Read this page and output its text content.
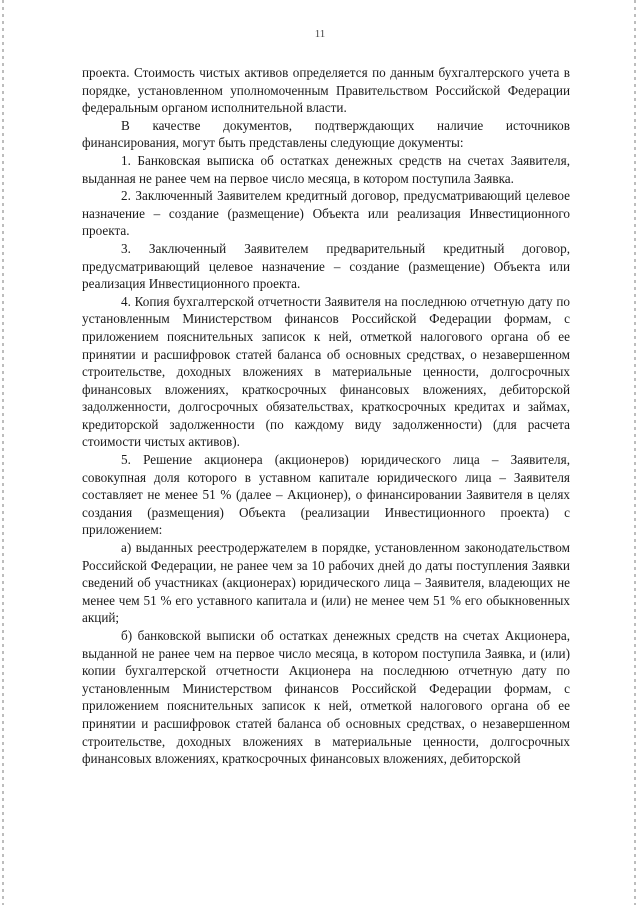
11

проекта. Стоимость чистых активов определяется по данным бухгалтерского учета в порядке, установленном уполномоченным Правительством Российской Федерации федеральным органом исполнительной власти.

В качестве документов, подтверждающих наличие источников финансирования, могут быть представлены следующие документы:

1. Банковская выписка об остатках денежных средств на счетах Заявителя, выданная не ранее чем на первое число месяца, в котором поступила Заявка.

2. Заключенный Заявителем кредитный договор, предусматривающий целевое назначение – создание (размещение) Объекта или реализация Инвестиционного проекта.

3. Заключенный Заявителем предварительный кредитный договор, предусматривающий целевое назначение – создание (размещение) Объекта или реализация Инвестиционного проекта.

4. Копия бухгалтерской отчетности Заявителя на последнюю отчетную дату по установленным Министерством финансов Российской Федерации формам, с приложением пояснительных записок к ней, отметкой налогового органа об ее принятии и расшифровок статей баланса об основных средствах, о незавершенном строительстве, доходных вложениях в материальные ценности, долгосрочных финансовых вложениях, краткосрочных финансовых вложениях, дебиторской задолженности, долгосрочных обязательствах, краткосрочных кредитах и займах, кредиторской задолженности (по каждому виду задолженности) (для расчета стоимости чистых активов).

5. Решение акционера (акционеров) юридического лица – Заявителя, совокупная доля которого в уставном капитале юридического лица – Заявителя составляет не менее 51 % (далее – Акционер), о финансировании Заявителя в целях создания (размещения) Объекта (реализации Инвестиционного проекта) с приложением:

а) выданных реестродержателем в порядке, установленном законодательством Российской Федерации, не ранее чем за 10 рабочих дней до даты поступления Заявки сведений об участниках (акционерах) юридического лица – Заявителя, владеющих не менее чем 51 % его уставного капитала и (или) не менее чем 51 % его обыкновенных акций;

б) банковской выписки об остатках денежных средств на счетах Акционера, выданной не ранее чем на первое число месяца, в котором поступила Заявка, и (или) копии бухгалтерской отчетности Акционера на последнюю отчетную дату по установленным Министерством финансов Российской Федерации формам, с приложением пояснительных записок к ней, отметкой налогового органа об ее принятии и расшифровок статей баланса об основных средствах, о незавершенном строительстве, доходных вложениях в материальные ценности, долгосрочных финансовых вложениях, краткосрочных финансовых вложениях, дебиторской
